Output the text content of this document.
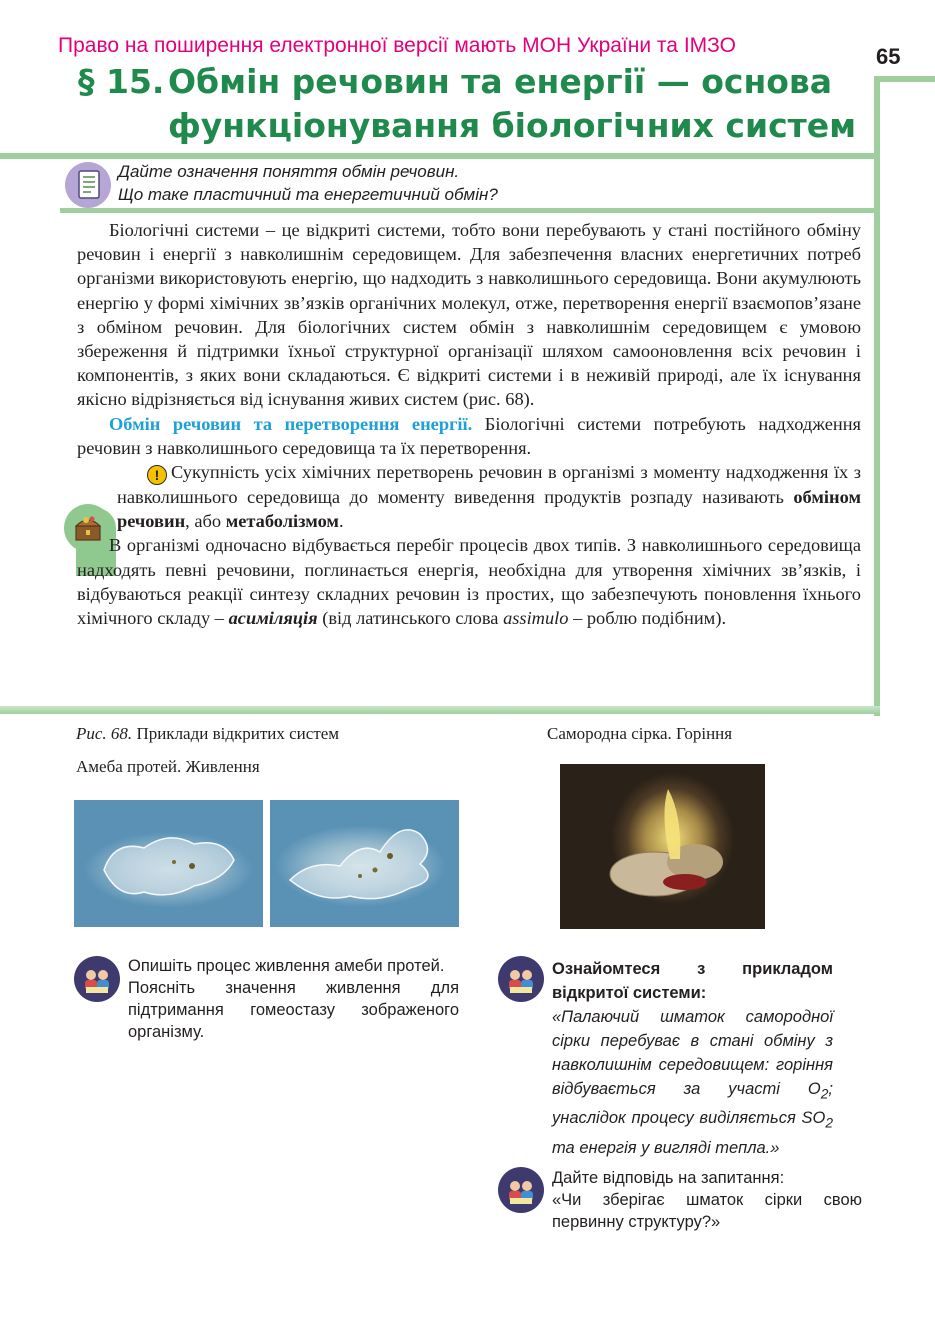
Право на поширення електронної версії мають МОН України та ІМЗО	65
§ 15. Обмін речовин та енергії — основа
функціонування біологічних систем
Дайте означення поняття обмін речовин.
Що таке пластичний та енергетичний обмін?

Біологічні системи – це відкриті системи, тобто вони перебувають у стані постійного обміну речовин і енергії з навколишнім середовищем. Для забезпечення власних енергетичних потреб організми використовують енергію, що надходить з навколишнього середовища. Вони акумулюють енергію у формі хімічних зв’язків органічних молекул, отже, перетворення енергії взаємопов’язане з обміном речовин. Для біологічних систем обмін з навколишнім середовищем є умовою збереження й підтримки їхньої структурної організації шляхом самооновлення всіх речовин і компонентів, з яких вони складаються. Є відкриті системи і в неживій природі, але їх існування якісно відрізняється від існування живих систем (рис. 68).

Обмін речовин та перетворення енергії. Біологічні системи потребують надходження речовин з навколишнього середовища та їх перетворення.

! Сукупність усіх хімічних перетворень речовин в організмі з моменту надходження їх з навколишнього середовища до моменту виведення продуктів розпаду називають обміном речовин, або метаболізмом.

В організмі одночасно відбувається перебіг процесів двох типів. З навколишнього середовища надходять певні речовини, поглинається енергія, необхідна для утворення хімічних зв’язків, і відбуваються реакції синтезу складних речовин із простих, що забезпечують поновлення їхнього хімічного складу – асиміляція (від латинського слова assimulo – роблю подібним).

Рис. 68. Приклади відкритих систем
Амеба протей. Живлення
Самородна сірка. Горіння
Опишіть процес живлення амеби протей.
Поясніть значення живлення для підтримання гомеостазу зображеного організму.
Ознайомтеся з прикладом відкритої системи:
«Палаючий шматок самородної сірки перебуває в стані обміну з навколишнім середовищем: горіння відбувається за участі $O_2$; унаслідок процесу виділяється $SO_2$ та енергія у вигляді тепла.»
Дайте відповідь на запитання:
«Чи зберігає шматок сірки свою первинну структуру?»
